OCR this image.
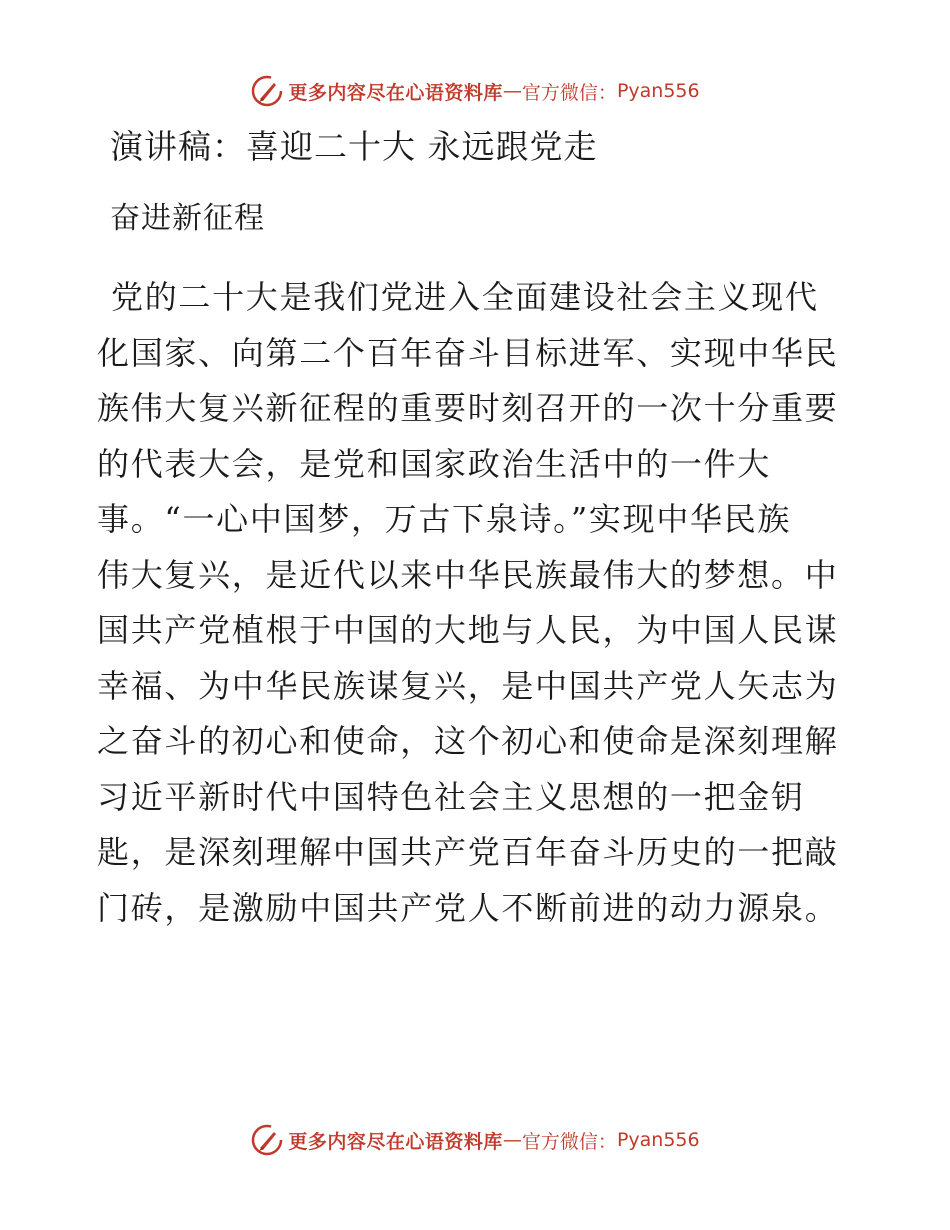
更多内容尽在心语资料库 — 官方微信： Pyan556
演讲稿：喜迎二十大 永远跟党走
奋进新征程
党的二十大是我们党进入全面建设社会主义现代
化国家、向第二个百年奋斗目标进军、实现中华民
族伟大复兴新征程的重要时刻召开的一次十分重要
的代表大会，是党和国家政治生活中的一件大
事。“一心中国梦，万古下泉诗。”实现中华民族
伟大复兴，是近代以来中华民族最伟大的梦想。中
国共产党植根于中国的大地与人民，为中国人民谋
幸福、为中华民族谋复兴，是中国共产党人矢志为
之奋斗的初心和使命，这个初心和使命是深刻理解
习近平新时代中国特色社会主义思想的一把金钥
匙，是深刻理解中国共产党百年奋斗历史的一把敲
门砖，是激励中国共产党人不断前进的动力源泉。
更多内容尽在心语资料库 — 官方微信： Pyan556
